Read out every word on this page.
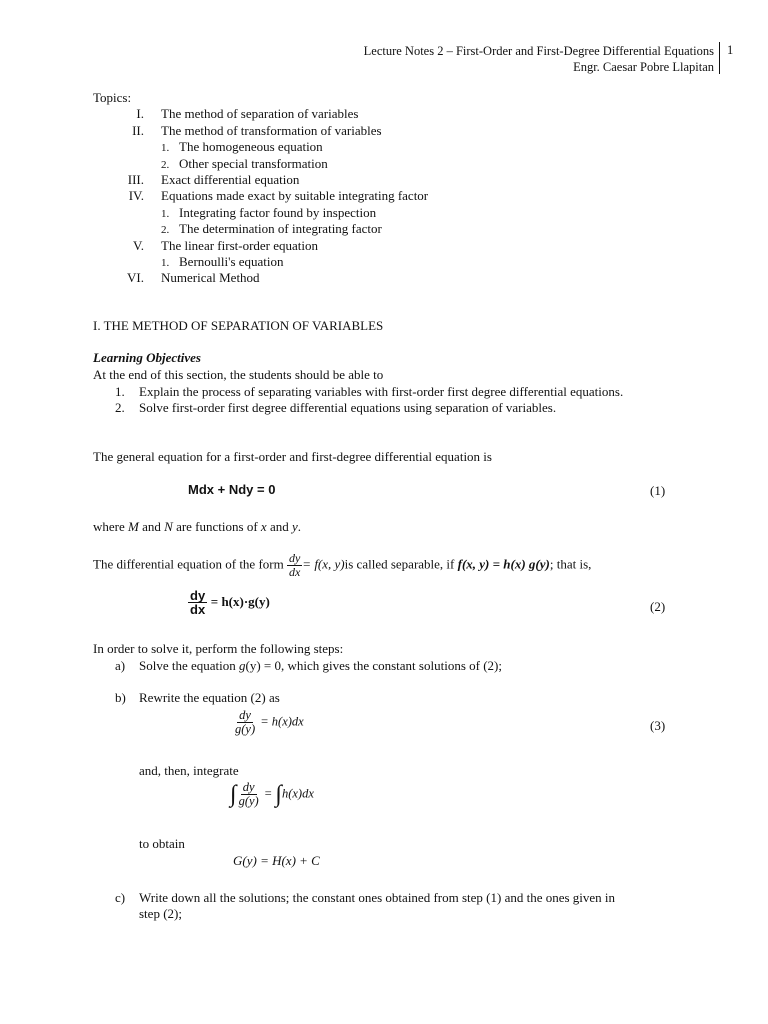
Lecture Notes 2 – First-Order and First-Degree Differential Equations
Engr. Caesar Pobre Llapitan
1
Topics:
I.	The method of separation of variables
II.	The method of transformation of variables
1. The homogeneous equation
2. Other special transformation
III.	Exact differential equation
IV.	Equations made exact by suitable integrating factor
1. Integrating factor found by inspection
2. The determination of integrating factor
V.	The linear first-order equation
1. Bernoulli's equation
VI.	Numerical Method
I. THE METHOD OF SEPARATION OF VARIABLES
Learning Objectives
At the end of this section, the students should be able to
1. Explain the process of separating variables with first-order first degree differential equations.
2. Solve first-order first degree differential equations using separation of variables.
The general equation for a first-order and first-degree differential equation is
Mdx + Ndy = 0	(1)
where M and N are functions of x and y.
The differential equation of the form $\frac{dy}{dx} = f(x$, y)is called separable, if f(x, y) = h(x) g(y); that is,
$\frac{dy}{dx} = h(x)\cdot g(y)$	(2)
In order to solve it, perform the following steps:
a) Solve the equation g(y) = 0, which gives the constant solutions of (2);
b) Rewrite the equation (2) as
$\frac{dy}{g(y)} = h(x)dx$	(3)
and, then, integrate
∫ $\frac{dy}{g(y)} = \int h(x)dx$
to obtain
G(y) = H(x) + C
c) Write down all the solutions; the constant ones obtained from step (1) and the ones given in
step (2);
